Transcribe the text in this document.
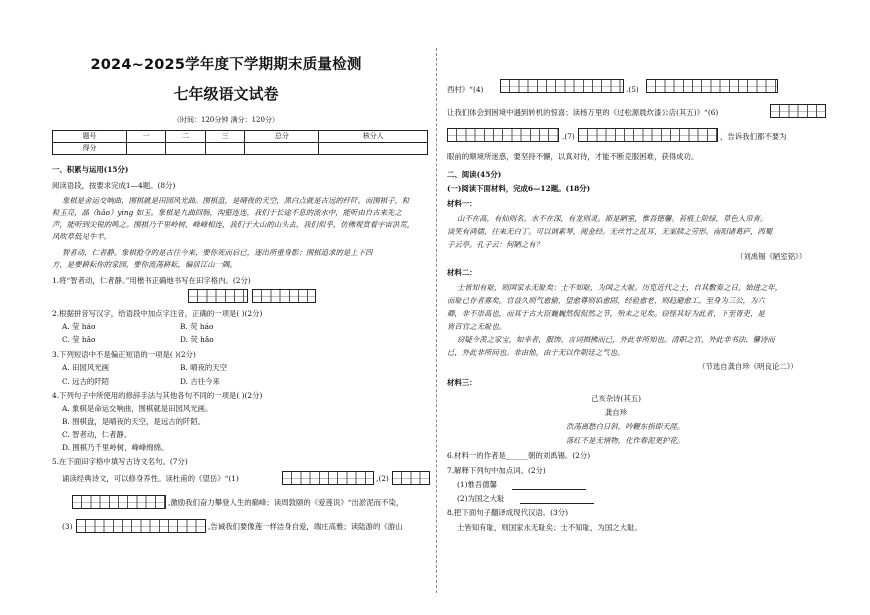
2024~2025学年度下学期期末质量检测
七年级语文试卷
（时间：120分钟 满分：120分）
题号	一	二	三	总分	核分人
得分					
一、积累与运用(15分)
阅读语段，按要求完成1—4题。(8分)
象棋是舍运交响曲，围棋就是田园风光曲。围棋盘，是晴夜的天空，黑白点就是古远的纤阡。而围棋子，粒
粒玉亮，晶（hǎo）ying 如玉。象棋是九曲回肠，沟壑连连，我们于长途不息的流水中，能听由自古来先之
声，能听到尖锐的鸣之。围棋乃千里岭树，峰峰相连，我们于大山的山头去，我们似乎，仿佛观赏着宇宙洪荒，
风吹草低见牛羊。
智者动，仁者静。象棋抢夺的是古往今来，要你死而后已，逐出所重身影；围棋追求的是上下四
方，是要耕耘你的家园，要你流荡耕耘，偏居江山一隅。
1.将“智者动，仁者静。”用楷书正确地书写在田字格内。(2分)
2.根据拼音写汉字，给语段中加点字注音，正确的一项是( )(2分)
A. 莹 háo	B. 荧 háo
C. 莹 hǎo	D. 荧 hǎo
3.下列短语中不是偏正短语的一项是( )(2分)
A. 田园风光画	B. 晴夜的天空
C. 远古的阡陌	D. 古往今来
4.下列句子中所使用的修辞手法与其他各句不同的一项是( )(2分)
A. 象棋是命运交响曲，围棋就是田园风光画。
B. 围棋盘，是晴夜的天空，是远古的阡陌。
C. 智者动，仁者静。
D. 围棋乃千里岭树，峰峰绵绵。
5.在下面田字格中填写古诗文名句。(7分)
诵读经典诗文，可以修身养性。读杜甫的《望岳》“(1)	,(2)
,激励我们奋力攀登人生的巅峰；读周敦颐的《爱莲说》“出淤泥而不染，
(3)	,告诫我们要像莲一样洁身自爱，端庄高雅；读陆游的《游山
西村》“(4)	.(5)
让我们体会到困境中遇到转机的惊喜；读杨万里的《过松源晨炊漆公店(其五)》“(6)
.(7)	，告诉我们都不要为
眼前的顺境所迷惑，要坚持不懈，以真对待，才能不断克服困难，获得成功。
二、阅读(45分)
(一)阅读下面材料，完成6—12题。(18分)
材料一：
山不在高，有仙则名。水不在深，有龙则灵。斯是陋室，惟吾德馨。苔痕上阶绿，草色入帘青。
谈笑有鸿儒，往来无白丁。可以调素琴，阅金经。无丝竹之乱耳，无案牍之劳形。南阳诸葛庐，西蜀
子云亭。孔子云：何陋之有？
（刘禹锡《陋室铭》）
材料二：
士皆知有耻，则国家永无耻矣；士不知耻，为国之大耻。历览近代之士，自其敷奏之日，始进之年，
而耻已存者寡矣。官益久则气愈偷，望愈尊则谄愈固，经验愈老，则趋避愈工。至身为三公，为六
卿，非不崇高也，而其于古大臣巍巍然侃侃然之节，殆未之见矣。窃怪其好为此者，下至胥吏，是
皆百官之无耻也。
窃疑今羡之家宝，如幸者，服饰、言词揖拂而已，外此非所知也。清职之官，外此非书法、馨诗而
已，外此非所问也。非由他，由于无以作朝廷之气也。
（节选自龚自珍《明良论二》）
材料三：
己亥杂诗(其五)
龚自珍
浩荡离愁白日斜，吟鞭东指即天涯。
落红不是无情物，化作春泥更护花。
6.材料一的作者是______朝的刘禹锡。(2分)
7.解释下列句中加点词。(2分)
(1)惟吾德馨
(2)为国之大耻
8.把下面句子翻译成现代汉语。(3分)
士皆知有耻，则国家永无耻矣；士不知耻，为国之大耻。
